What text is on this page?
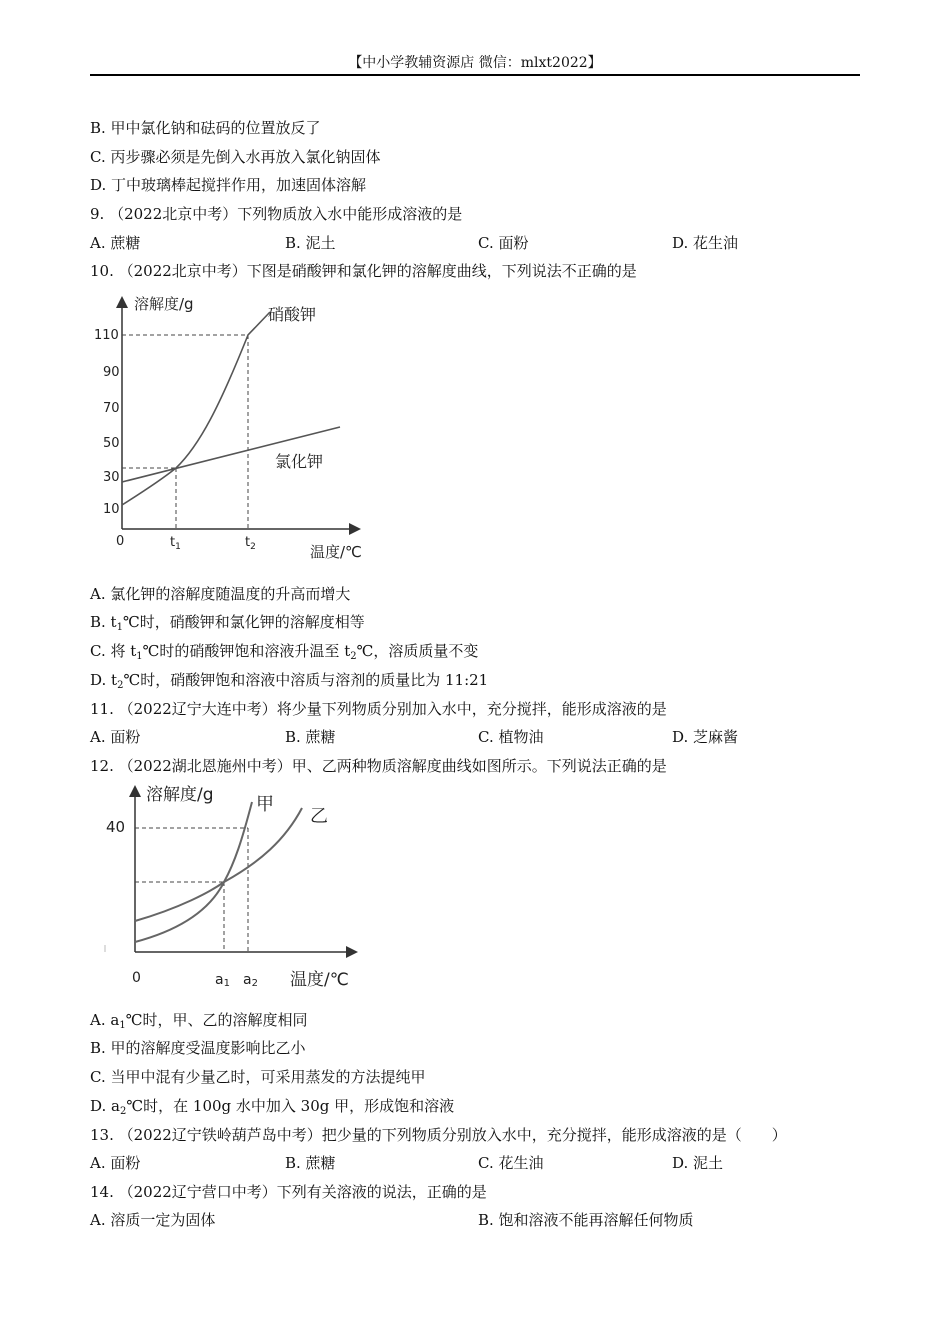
【中小学教辅资源店 微信：mlxt2022】
B. 甲中氯化钠和砝码的位置放反了
C. 丙步骤必须是先倒入水再放入氯化钠固体
D. 丁中玻璃棒起搅拌作用，加速固体溶解
9. （2022北京中考）下列物质放入水中能形成溶液的是
A. 蔗糖	B. 泥土	C. 面粉	D. 花生油
10. （2022北京中考）下图是硝酸钾和氯化钾的溶解度曲线，下列说法不正确的是
溶解度/g
温度/℃
0
110
90
70
50
30
10
$t_1$	$t_2$
硝酸钾
氯化钾
A. 氯化钾的溶解度随温度的升高而增大
B. $t_1℃$时，硝酸钾和氯化钾的溶解度相等
C. 将 $t_1℃$时的硝酸钾饱和溶液升温至 $t_2℃$，溶质质量不变
D. $t_2℃$时，硝酸钾饱和溶液中溶质与溶剂的质量比为 11:21
11. （2022辽宁大连中考）将少量下列物质分别加入水中，充分搅拌，能形成溶液的是
A. 面粉	B. 蔗糖	C. 植物油	D. 芝麻酱
12. （2022湖北恩施州中考）甲、乙两种物质溶解度曲线如图所示。下列说法正确的是
溶解度/g
温度/℃
0
40
a1 a2
甲
乙
A. $a_1℃$时，甲、乙的溶解度相同
B. 甲的溶解度受温度影响比乙小
C. 当甲中混有少量乙时，可采用蒸发的方法提纯甲
D. $a_2℃$时，在 100g 水中加入 30g 甲，形成饱和溶液
13. （2022辽宁铁岭葫芦岛中考）把少量的下列物质分别放入水中，充分搅拌，能形成溶液的是（　　）
A. 面粉	B. 蔗糖	C. 花生油	D. 泥土
14. （2022辽宁营口中考）下列有关溶液的说法，正确的是
A. 溶质一定为固体	B. 饱和溶液不能再溶解任何物质
